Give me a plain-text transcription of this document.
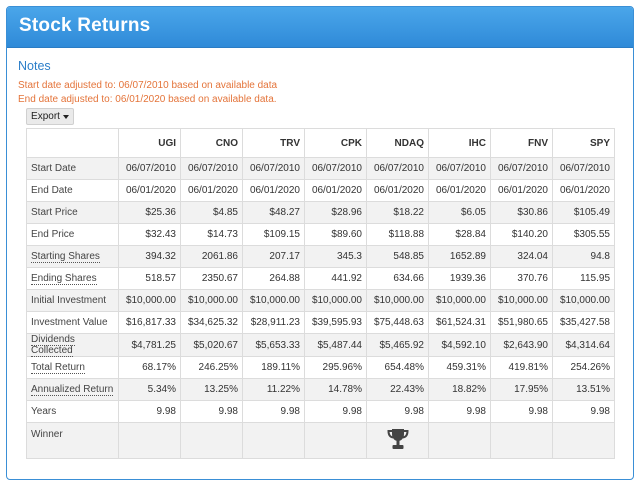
Stock Returns
Notes
Start date adjusted to: 06/07/2010 based on available data
End date adjusted to: 06/01/2020 based on available data.
Export
	UGI	CNO	TRV	CPK	NDAQ	IHC	FNV	SPY
Start Date	06/07/2010	06/07/2010	06/07/2010	06/07/2010	06/07/2010	06/07/2010	06/07/2010	06/07/2010
End Date	06/01/2020	06/01/2020	06/01/2020	06/01/2020	06/01/2020	06/01/2020	06/01/2020	06/01/2020
Start Price	$25.36	$4.85	$48.27	$28.96	$18.22	$6.05	$30.86	$105.49
End Price	$32.43	$14.73	$109.15	$89.60	$118.88	$28.84	$140.20	$305.55
Starting Shares	394.32	2061.86	207.17	345.3	548.85	1652.89	324.04	94.8
Ending Shares	518.57	2350.67	264.88	441.92	634.66	1939.36	370.76	115.95
Initial Investment	$10,000.00	$10,000.00	$10,000.00	$10,000.00	$10,000.00	$10,000.00	$10,000.00	$10,000.00
Investment Value	$16,817.33	$34,625.32	$28,911.23	$39,595.93	$75,448.63	$61,524.31	$51,980.65	$35,427.58
Dividends Collected	$4,781.25	$5,020.67	$5,653.33	$5,487.44	$5,465.92	$4,592.10	$2,643.90	$4,314.64
Total Return	68.17%	246.25%	189.11%	295.96%	654.48%	459.31%	419.81%	254.26%
Annualized Return	5.34%	13.25%	11.22%	14.78%	22.43%	18.82%	17.95%	13.51%
Years	9.98	9.98	9.98	9.98	9.98	9.98	9.98	9.98
Winner								
